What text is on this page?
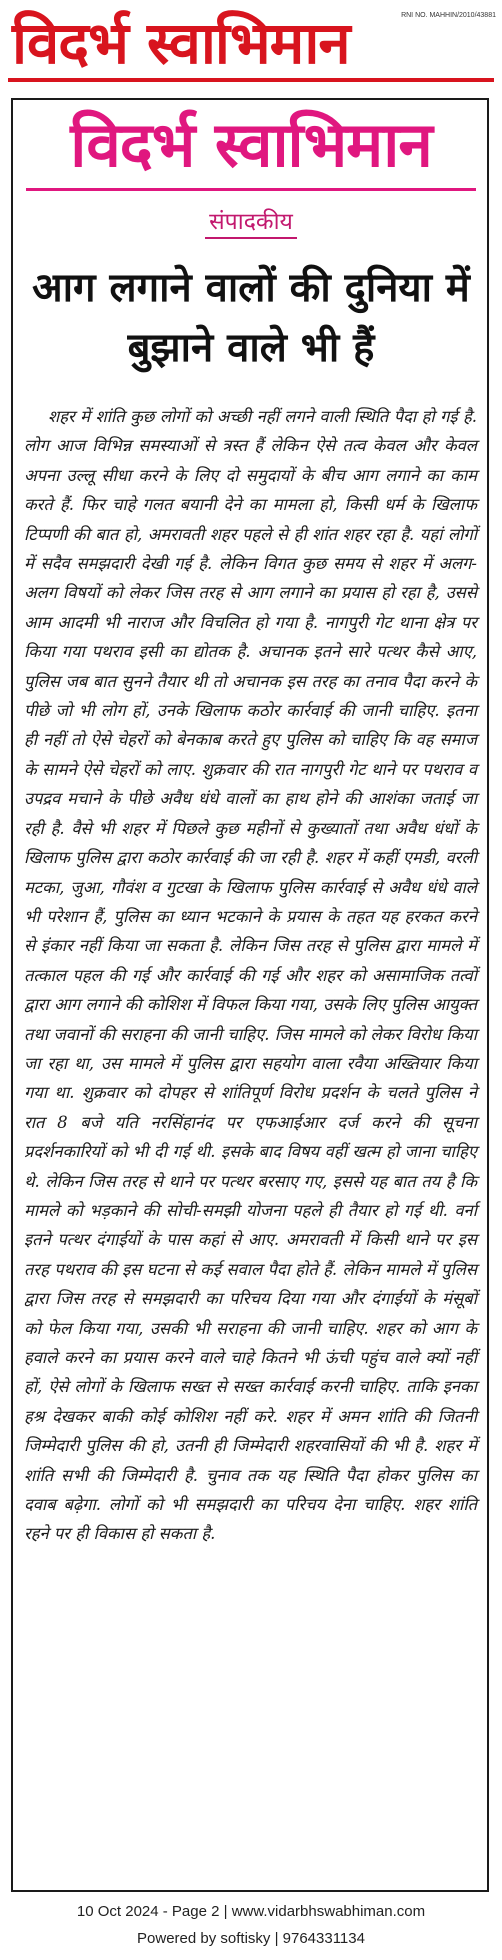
विदर्भ स्वाभिमान	RNI NO. MAHHIN/2010/43881
विदर्भ स्वाभिमान
संपादकीय
आग लगाने वालों की दुनिया में बुझाने वाले भी हैं
शहर में शांति कुछ लोगों को अच्छी नहीं लगने वाली स्थिति पैदा हो गई है. लोग आज विभिन्न समस्याओं से त्रस्त हैं लेकिन ऐसे तत्व केवल और केवल अपना उल्लू सीधा करने के लिए दो समुदायों के बीच आग लगाने का काम करते हैं. फिर चाहे गलत बयानी देने का मामला हो, किसी धर्म के खिलाफ टिप्पणी की बात हो, अमरावती शहर पहले से ही शांत शहर रहा है. यहां लोगों में सदैव समझदारी देखी गई है. लेकिन विगत कुछ समय से शहर में अलग-अलग विषयों को लेकर जिस तरह से आग लगाने का प्रयास हो रहा है, उससे आम आदमी भी नाराज और विचलित हो गया है. नागपुरी गेट थाना क्षेत्र पर किया गया पथराव इसी का द्योतक है. अचानक इतने सारे पत्थर कैसे आए, पुलिस जब बात सुनने तैयार थी तो अचानक इस तरह का तनाव पैदा करने के पीछे जो भी लोग हों, उनके खिलाफ कठोर कार्रवाई की जानी चाहिए. इतना ही नहीं तो ऐसे चेहरों को बेनकाब करते हुए पुलिस को चाहिए कि वह समाज के सामने ऐसे चेहरों को लाए. शुक्रवार की रात नागपुरी गेट थाने पर पथराव व उपद्रव मचाने के पीछे अवैध धंधे वालों का हाथ होने की आशंका जताई जा रही है. वैसे भी शहर में पिछले कुछ महीनों से कुख्यातों तथा अवैध धंधों के खिलाफ पुलिस द्वारा कठोर कार्रवाई की जा रही है. शहर में कहीं एमडी, वरली मटका, जुआ, गौवंश व गुटखा के खिलाफ पुलिस कार्रवाई से अवैध धंधे वाले भी परेशान हैं, पुलिस का ध्यान भटकाने के प्रयास के तहत यह हरकत करने से इंकार नहीं किया जा सकता है. लेकिन जिस तरह से पुलिस द्वारा मामले में तत्काल पहल की गई और कार्रवाई की गई और शहर को असामाजिक तत्वों द्वारा आग लगाने की कोशिश में विफल किया गया, उसके लिए पुलिस आयुक्त तथा जवानों की सराहना की जानी चाहिए. जिस मामले को लेकर विरोध किया जा रहा था, उस मामले में पुलिस द्वारा सहयोग वाला रवैया अख्तियार किया गया था. शुक्रवार को दोपहर से शांतिपूर्ण विरोध प्रदर्शन के चलते पुलिस ने रात 8 बजे यति नरसिंहानंद पर एफआईआर दर्ज करने की सूचना प्रदर्शनकारियों को भी दी गई थी. इसके बाद विषय वहीं खत्म हो जाना चाहिए थे. लेकिन जिस तरह से थाने पर पत्थर बरसाए गए, इससे यह बात तय है कि मामले को भड़काने की सोची-समझी योजना पहले ही तैयार हो गई थी. वर्ना इतने पत्थर दंगाईयों के पास कहां से आए. अमरावती में किसी थाने पर इस तरह पथराव की इस घटना से कई सवाल पैदा होते हैं. लेकिन मामले में पुलिस द्वारा जिस तरह से समझदारी का परिचय दिया गया और दंगाईयों के मंसूबों को फेल किया गया, उसकी भी सराहना की जानी चाहिए. शहर को आग के हवाले करने का प्रयास करने वाले चाहे कितने भी ऊंची पहुंच वाले क्यों नहीं हों, ऐसे लोगों के खिलाफ सख्त से सख्त कार्रवाई करनी चाहिए. ताकि इनका हश्र देखकर बाकी कोई कोशिश नहीं करे. शहर में अमन शांति की जितनी जिम्मेदारी पुलिस की हो, उतनी ही जिम्मेदारी शहरवासियों की भी है. शहर में शांति सभी की जिम्मेदारी है. चुनाव तक यह स्थिति पैदा होकर पुलिस का दवाब बढ़ेगा. लोगों को भी समझदारी का परिचय देना चाहिए. शहर शांति रहने पर ही विकास हो सकता है.
10 Oct 2024 - Page 2 | www.vidarbhswabhiman.com
Powered by softisky | 9764331134
